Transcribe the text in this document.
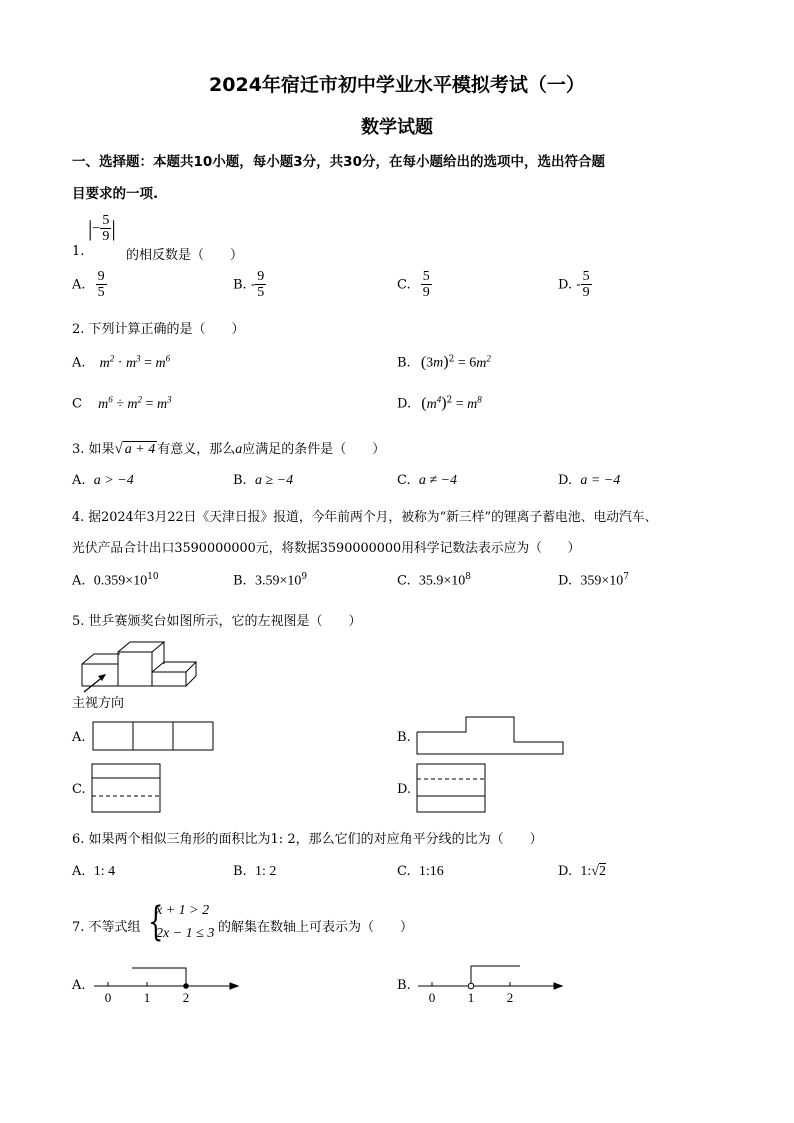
2024年宿迁市初中学业水平模拟考试（一）
数学试题
一、选择题：本题共10小题，每小题3分，共30分，在每小题给出的选项中，选出符合题
目要求的一项.
1.
|− $\frac{5}{9}$ |
的相反数是（　　）
A. $\frac{9}{5}$	B. - $\frac{9}{5}$	C. $\frac{5}{9}$	D. - $\frac{5}{9}$
2. 下列计算正确的是（　　）
A. $m^2 \cdot m^3 = m^6$	B. $(3m)^2 = 6m^2$
C $m^6 \div m^2 = m^3$	D. $(m^4)^2 = m^8$
3. 如果√ a + 4 有意义，那么a应满足的条件是（　　）
A. a > −4	B. a ≥ −4	C. a ≠ −4	D. a = −4
4. 据2024年3月22日《天津日报》报道，今年前两个月，被称为“新三样”的锂离子蓄电池、电动汽车、
光伏产品合计出口3590000000元，将数据3590000000用科学记数法表示应为（　　）
A. $0.359\times 10^{10}$	B. $3.59\times 10^9$	C. $35.9\times 10^8$	D. $359\times 10^7$
5. 世乒赛颁奖台如图所示，它的左视图是（　　）
主视方向
A.	B.
C.	D.
6. 如果两个相似三角形的面积比为1: 2，那么它们的对应角平分线的比为（　　）
A. 1: 4	B. 1: 2	C. 1:16	D. 1:√2
7. 不等式组 {
x + 1 > 2
2x − 1 ≤ 3 的解集在数轴上可表示为（　　）
A.
0	1	2
B.
0	1	2
